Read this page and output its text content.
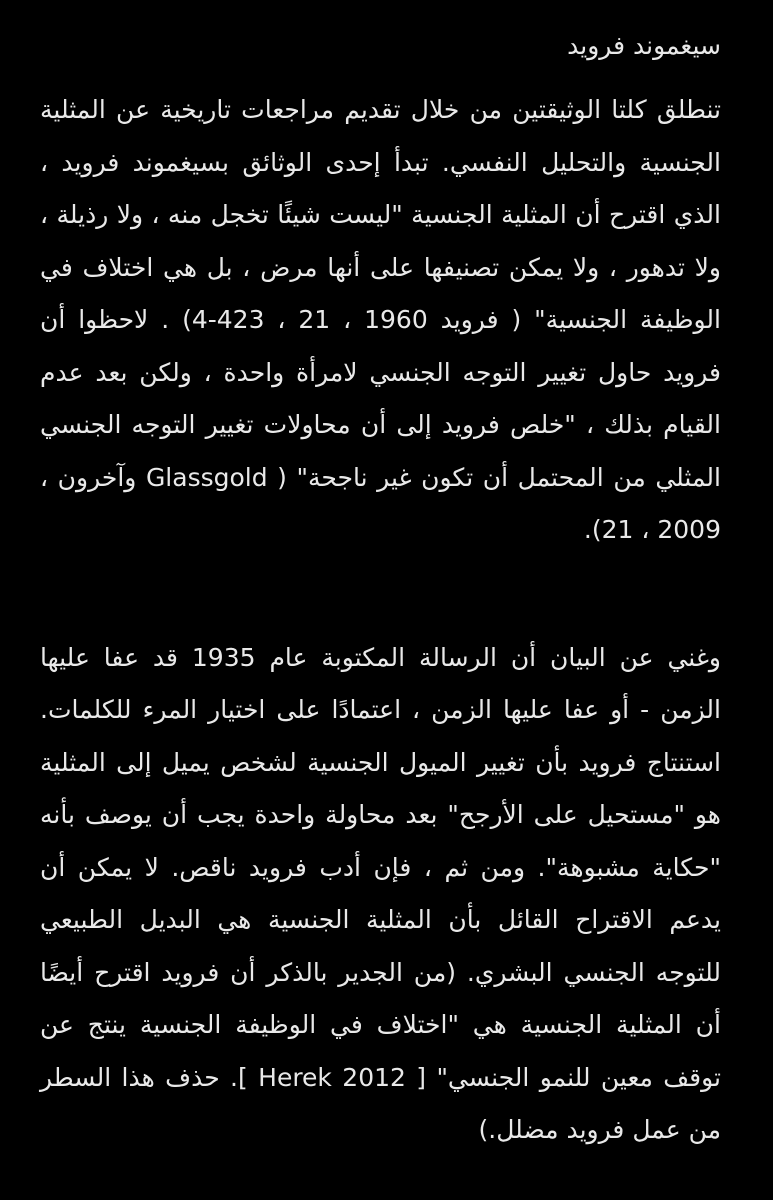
سيغموند فرويد

تنطلق كلتا الوثيقتين من خلال تقديم مراجعات تاريخية عن المثلية الجنسية والتحليل النفسي. تبدأ إحدى الوثائق بسيغموند فرويد ، الذي اقترح أن المثلية الجنسية "ليست شيئًا تخجل منه ، ولا رذيلة ، ولا تدهور ، ولا يمكن تصنيفها على أنها مرض ، بل هي اختلاف في الوظيفة الجنسية" ( فرويد 1960 ، 21 ، 423-4) . لاحظوا أن فرويد حاول تغيير التوجه الجنسي لامرأة واحدة ، ولكن بعد عدم القيام بذلك ، "خلص فرويد إلى أن محاولات تغيير التوجه الجنسي المثلي من المحتمل أن تكون غير ناجحة" ( Glassgold وآخرون ، 2009 ، 21).

وغني عن البيان أن الرسالة المكتوبة عام 1935 قد عفا عليها الزمن - أو عفا عليها الزمن ، اعتمادًا على اختيار المرء للكلمات. استنتاج فرويد بأن تغيير الميول الجنسية لشخص يميل إلى المثلية هو "مستحيل على الأرجح" بعد محاولة واحدة يجب أن يوصف بأنه "حكاية مشبوهة". ومن ثم ، فإن أدب فرويد ناقص. لا يمكن أن يدعم الاقتراح القائل بأن المثلية الجنسية هي البديل الطبيعي للتوجه الجنسي البشري. (من الجدير بالذكر أن فرويد اقترح أيضًا أن المثلية الجنسية هي "اختلاف في الوظيفة الجنسية ينتج عن توقف معين للنمو الجنسي" [ Herek 2012 ]. حذف هذا السطر من عمل فرويد مضلل.)
